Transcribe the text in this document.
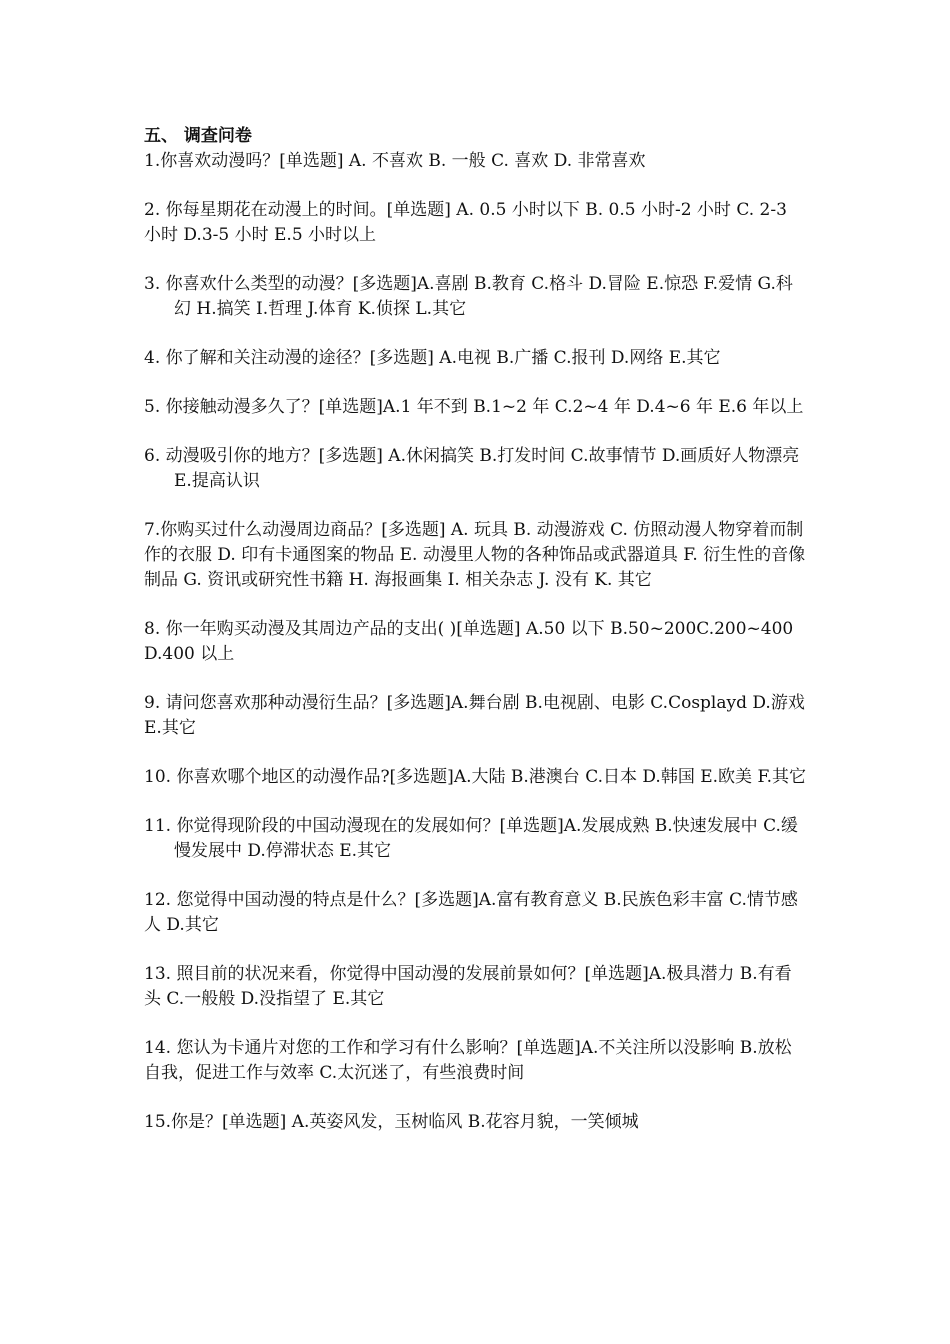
五、 调查问卷

1.你喜欢动漫吗？[单选题] A. 不喜欢 B. 一般 C. 喜欢 D. 非常喜欢

2. 你每星期花在动漫上的时间。[单选题] A. 0.5 小时以下 B. 0.5 小时-2 小时 C. 2-3 小时 D.3-5 小时 E.5 小时以上

3. 你喜欢什么类型的动漫？[多选题]A.喜剧 B.教育 C.格斗 D.冒险 E.惊恐 F.爱情 G.科幻 H.搞笑 I.哲理 J.体育 K.侦探 L.其它

4. 你了解和关注动漫的途径？[多选题] A.电视 B.广播 C.报刊 D.网络 E.其它

5. 你接触动漫多久了？[单选题]A.1 年不到 B.1~2 年 C.2~4 年 D.4~6 年 E.6 年以上

6. 动漫吸引你的地方？[多选题] A.休闲搞笑 B.打发时间 C.故事情节 D.画质好人物漂亮 E.提高认识

7.你购买过什么动漫周边商品？[多选题] A. 玩具 B. 动漫游戏 C. 仿照动漫人物穿着而制作的衣服 D. 印有卡通图案的物品 E. 动漫里人物的各种饰品或武器道具 F. 衍生性的音像制品 G. 资讯或研究性书籍 H. 海报画集 I. 相关杂志 J. 没有 K. 其它

8. 你一年购买动漫及其周边产品的支出( )[单选题] A.50 以下 B.50~200C.200~400 D.400 以上

9. 请问您喜欢那种动漫衍生品？[多选题]A.舞台剧 B.电视剧、电影 C.Cosplayd D.游戏 E.其它

10. 你喜欢哪个地区的动漫作品?[多选题]A.大陆 B.港澳台 C.日本 D.韩国 E.欧美 F.其它

11. 你觉得现阶段的中国动漫现在的发展如何？[单选题]A.发展成熟 B.快速发展中 C.缓慢发展中 D.停滞状态 E.其它

12. 您觉得中国动漫的特点是什么？[多选题]A.富有教育意义 B.民族色彩丰富 C.情节感人 D.其它

13. 照目前的状况来看，你觉得中国动漫的发展前景如何？[单选题]A.极具潜力 B.有看头 C.一般般 D.没指望了 E.其它

14. 您认为卡通片对您的工作和学习有什么影响？[单选题]A.不关注所以没影响 B.放松自我，促进工作与效率 C.太沉迷了，有些浪费时间

15.你是？[单选题] A.英姿风发，玉树临风 B.花容月貌，一笑倾城
